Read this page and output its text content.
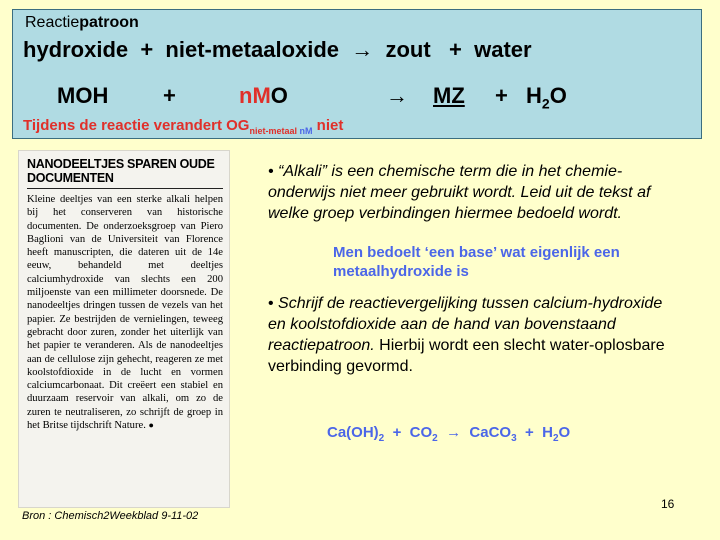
Reactiepatroon
hydroxide  +  niet-metaaloxide  →  zout   +  water
MOH +	nMO	→ MZ + $H_2O$
Tijdens de reactie verandert $OG_{niet-metaal nM}$ niet
NANODEELTJES SPAREN OUDE DOCUMENTEN
Kleine deeltjes van een sterke alkali helpen bij het conserveren van historische documenten. De onderzoeksgroep van Piero Baglioni van de Universiteit van Florence heeft manuscripten, die dateren uit de 14e eeuw, behandeld met deeltjes calciumhydroxide van slechts een 200 miljoenste van een millimeter doorsnede. De nanodeeltjes dringen tussen de vezels van het papier. Ze bestrijden de vernielingen, teweeg gebracht door zuren, zonder het uiterlijk van het papier te veranderen. Als de nanodeeltjes aan de cellulose zijn gehecht, reageren ze met koolstofdioxide in de lucht en vormen calciumcarbonaat. Dit creëert een stabiel en duurzaam reservoir van alkali, om zo de zuren te neutraliseren, zo schrijft de groep in het Britse tijdschrift Nature. ●
Bron : Chemisch2Weekblad 9-11-02
• “Alkali” is een chemische term die in het chemie-onderwijs niet meer gebruikt wordt. Leid uit de tekst af welke groep verbindingen hiermee bedoeld wordt.
Men bedoelt ‘een base’ wat eigenlijk een metaalhydroxide is
• Schrijf de reactievergelijking tussen calcium-hydroxide en koolstofdioxide aan de hand van bovenstaand reactiepatroon. Hierbij wordt een slecht water-oplosbare verbinding gevormd.
$Ca(OH)_2 + CO_2$  →  CaCO$_3$  +  $H_2O$
16
